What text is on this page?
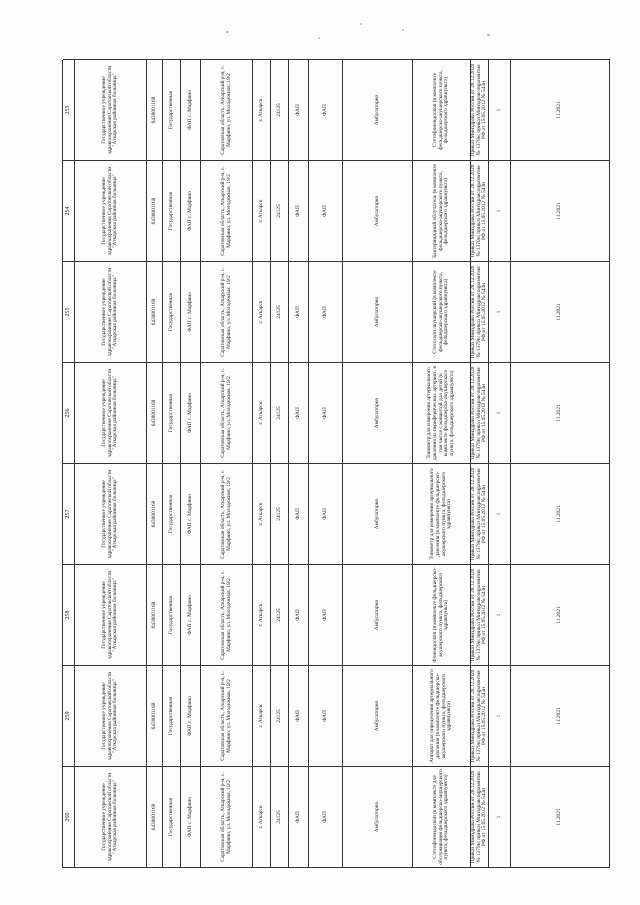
260
259
258
257
256
255
254
253
Государственное учреждение здравоохранения Саратовской области "Аткарская районная больница"
Государственное учреждение здравоохранения Саратовской области "Аткарская районная больница"
Государственное учреждение здравоохранения Саратовской области "Аткарская районная больница"
Государственное учреждение здравоохранения Саратовской области "Аткарская районная больница"
Государственное учреждение здравоохранения Саратовской области "Аткарская районная больница"
Государственное учреждение здравоохранения Саратовской области "Аткарская районная больница"
Государственное учреждение здравоохранения Саратовской области "Аткарская районная больница"
Государственное учреждение здравоохранения Саратовской области "Аткарская районная больница"
6438001168
6438001168
6438001168
6438001168
6438001168
6438001168
6438001168
6438001168
Государственная
Государственная
Государственная
Государственная
Государственная
Государственная
Государственная
Государственная
ФАП с. Марфино
ФАП с. Марфино
ФАП с. Марфино
ФАП с. Марфино
ФАП с. Марфино
ФАП с. Марфино
ФАП с. Марфино
ФАП с. Марфино
Саратовская область, Аткарский р-н, с. Марфино, ул. Молодежная, 19/2
Саратовская область, Аткарский р-н, с. Марфино, ул. Молодежная, 19/2
Саратовская область, Аткарский р-н, с. Марфино, ул. Молодежная, 19/2
Саратовская область, Аткарский р-н, с. Марфино, ул. Молодежная, 19/2
Саратовская область, Аткарский р-н, с. Марфино, ул. Молодежная, 19/2
Саратовская область, Аткарский р-н, с. Марфино, ул. Молодежная, 19/2
Саратовская область, Аткарский р-н, с. Марфино, ул. Молодежная, 19/2
Саратовская область, Аткарский р-н, с. Марфино, ул. Молодежная, 19/2
г. Аткарск
г. Аткарск
г. Аткарск
г. Аткарск
г. Аткарск
г. Аткарск
г. Аткарск
г. Аткарск
24125
24125
24125
24125
24125
24125
24125
24125
ФАП
ФАП
ФАП
ФАП
ФАП
ФАП
ФАП
ФАП
ФАП
ФАП
ФАП
ФАП
ФАП
ФАП
ФАП
ФАП
Амбулаторно
Амбулаторно
Амбулаторно
Амбулаторно
Амбулаторно
Амбулаторно
Амбулаторно
Амбулаторно
Стетофонендоскоп (в комплекте для обслуживания фельдшерско-акушерского пункта, фельдшерского здравпункта)
Аппарат для определения артериального давления (в комплекте фельдшерско-акушерского пункта, фельдшерского здравпункта)
Фонендоскоп (в комплекте фельдшерско-акушерского пункта, фельдшерского здравпункта)
Тонометр для измерения артериального давления (в комплекте фельдшерско-акушерского пункта, фельдшерского здравпункта)
Тонометр для измерения артериального давления на периферических артериях, в том числе с манжетой для детей (в комплекте фельдшерско-акушерского пункта, фельдшерского здравпункта)
Стетоскоп акушерский (в комплекте фельдшерско-акушерского пункта, фельдшерского здравпункта)
Бактерицидный облучатель (в комплекте фельдшерско-акушерского пункта, фельдшерского здравпункта)
Стетофонендоскоп (в комплекте фельдшерско-акушерского пункта, фельдшерского здравпункта)
Приказ Минздрава России от 28.12.2020 № 1379н; приказ Минздравсоцразвития РФ от 15.05.2012 № 543н
Приказ Минздрава России от 28.12.2020 № 1379н; приказ Минздравсоцразвития РФ от 15.05.2012 № 543н
Приказ Минздрава России от 28.12.2020 № 1379н; приказ Минздравсоцразвития РФ от 15.05.2012 № 543н
Приказ Минздрава России от 28.12.2020 № 1379н; приказ Минздравсоцразвития РФ от 15.05.2012 № 543н
Приказ Минздрава России от 28.12.2020 № 1379н; приказ Минздравсоцразвития РФ от 15.05.2012 № 543н
Приказ Минздрава России от 28.12.2020 № 1379н; приказ Минздравсоцразвития РФ от 15.05.2012 № 543н
Приказ Минздрава России от 28.12.2020 № 1379н; приказ Минздравсоцразвития РФ от 15.05.2012 № 543н
Приказ Минздрава России от 28.12.2020 № 1379н; приказ Минздравсоцразвития РФ от 15.05.2012 № 543н
1
1
1
1
1
1
1
1
11.2021
11.2021
11.2021
11.2021
11.2021
11.2021
11.2021
11.2021
